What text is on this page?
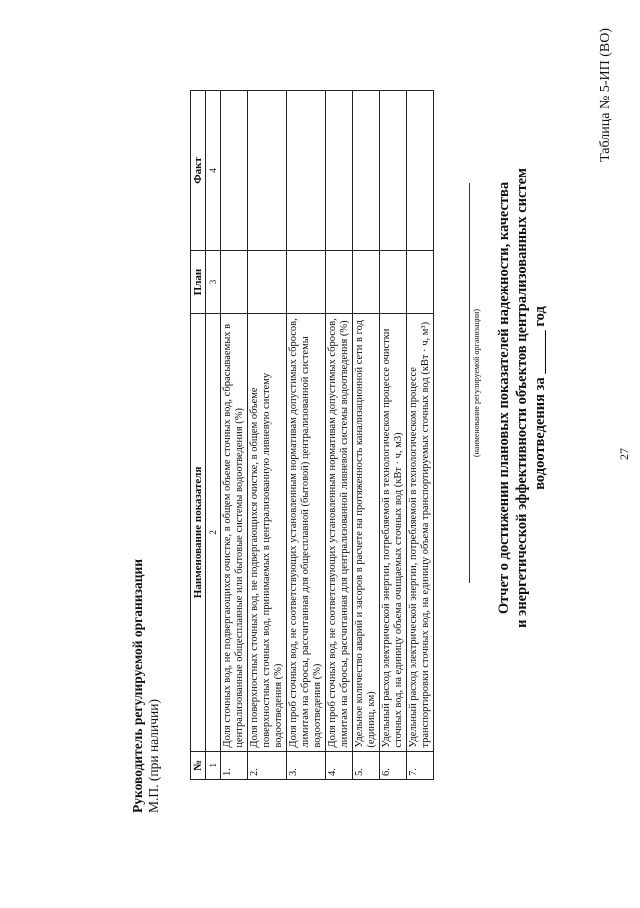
27
Таблица № 5-ИП (ВО)
Отчет о достижении плановых показателей надежности, качества и энергетической эффективности объектов централизованных систем водоотведения за ______ год
(наименование регулируемой организации)
№	Наименование показателя	План	Факт
1	2	3	4
1.	Доля сточных вод, не подвергающихся очистке, в общем объеме сточных вод, сбрасываемых в централизованные общесплавные или бытовые системы водоотведения (%)		
2.	Доля поверхностных сточных вод, не подвергающихся очистке, в общем объеме поверхностных сточных вод, принимаемых в централизованную ливневую систему водоотведения (%)		
3.	Доля проб сточных вод, не соответствующих установленным нормативам допустимых сбросов, лимитам на сбросы, рассчитанная для общесплавной (бытовой) централизованной системы водоотведения (%)		
4.	Доля проб сточных вод, не соответствующих установленным нормативам допустимых сбросов, лимитам на сбросы, рассчитанная для централизованной ливневой системы водоотведения (%)		
5.	Удельное количество аварий и засоров в расчете на протяженность канализационной сети в год (единиц, км)		
6.	Удельный расход электрической энергии, потребляемой в технологическом процессе очистки сточных вод, на единицу объема очищаемых сточных вод (кВт · ч, м3)		
7.	Удельный расход электрической энергии, потребляемой в технологическом процессе транспортировки сточных вод, на единицу объема транспортируемых сточных вод (кВт · ч, м³)		
Руководитель регулируемой организации М.П. (при наличии)
